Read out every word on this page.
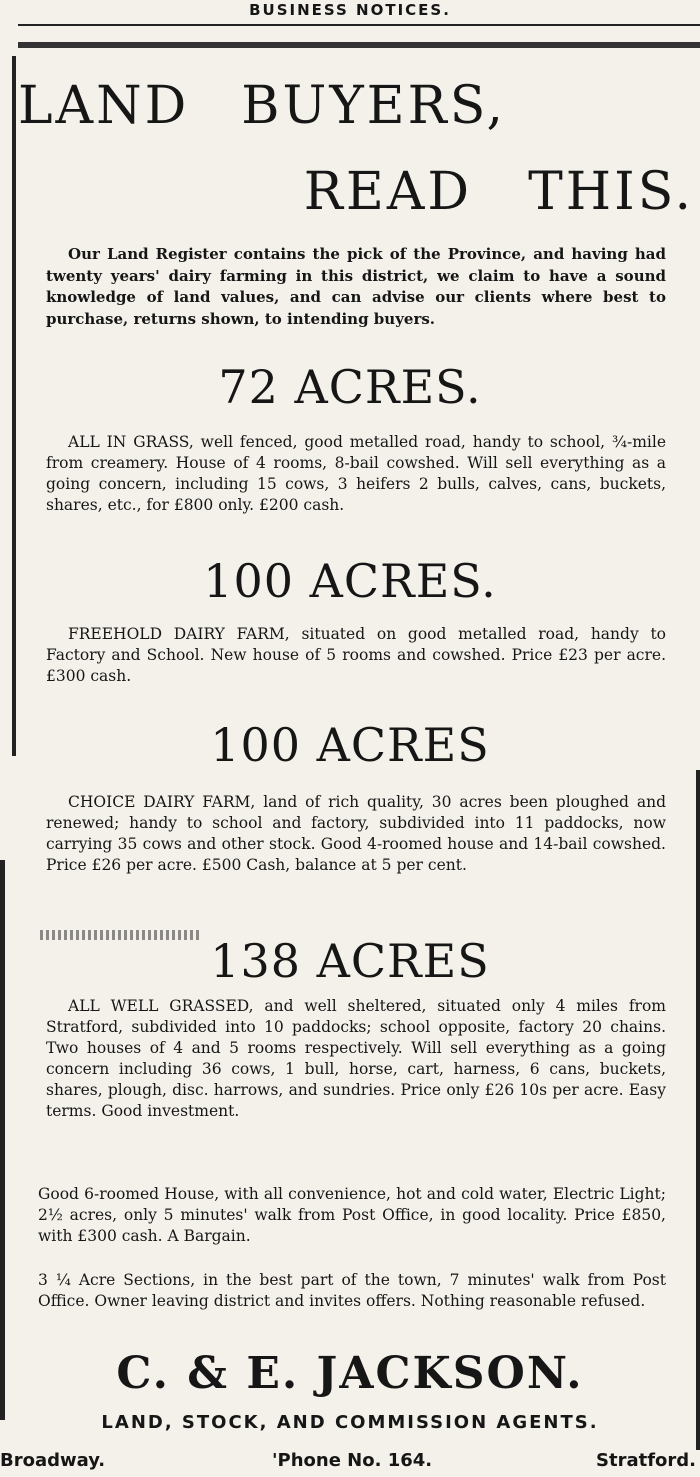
BUSINESS NOTICES.
LAND BUYERS,
READ THIS.

Our Land Register contains the pick of the Province, and having had twenty years' dairy farming in this district, we claim to have a sound knowledge of land values, and can advise our clients where best to purchase, returns shown, to intending buyers.

72 ACRES.

ALL IN GRASS, well fenced, good metalled road, handy to school, ¾-mile from creamery. House of 4 rooms, 8-bail cowshed. Will sell everything as a going concern, including 15 cows, 3 heifers 2 bulls, calves, cans, buckets, shares, etc., for £800 only. £200 cash.

100 ACRES.

FREEHOLD DAIRY FARM, situated on good metalled road, handy to Factory and School. New house of 5 rooms and cowshed. Price £23 per acre. £300 cash.

100 ACRES

CHOICE DAIRY FARM, land of rich quality, 30 acres been ploughed and renewed; handy to school and factory, subdivided into 11 paddocks, now carrying 35 cows and other stock. Good 4-roomed house and 14-bail cowshed. Price £26 per acre. £500 Cash, balance at 5 per cent.

138 ACRES

ALL WELL GRASSED, and well sheltered, situated only 4 miles from Stratford, subdivided into 10 paddocks; school opposite, factory 20 chains. Two houses of 4 and 5 rooms respectively. Will sell everything as a going concern including 36 cows, 1 bull, horse, cart, harness, 6 cans, buckets, shares, plough, disc. harrows, and sundries. Price only £26 10s per acre. Easy terms. Good investment.

Good 6-roomed House, with all convenience, hot and cold water, Electric Light; 2½ acres, only 5 minutes' walk from Post Office, in good locality. Price £850, with £300 cash. A Bargain.

3 ¼ Acre Sections, in the best part of the town, 7 minutes' walk from Post Office. Owner leaving district and invites offers. Nothing reasonable refused.

C. & E. JACKSON.
LAND, STOCK, AND COMMISSION AGENTS.
Broadway.	'Phone No. 164.	Stratford.
